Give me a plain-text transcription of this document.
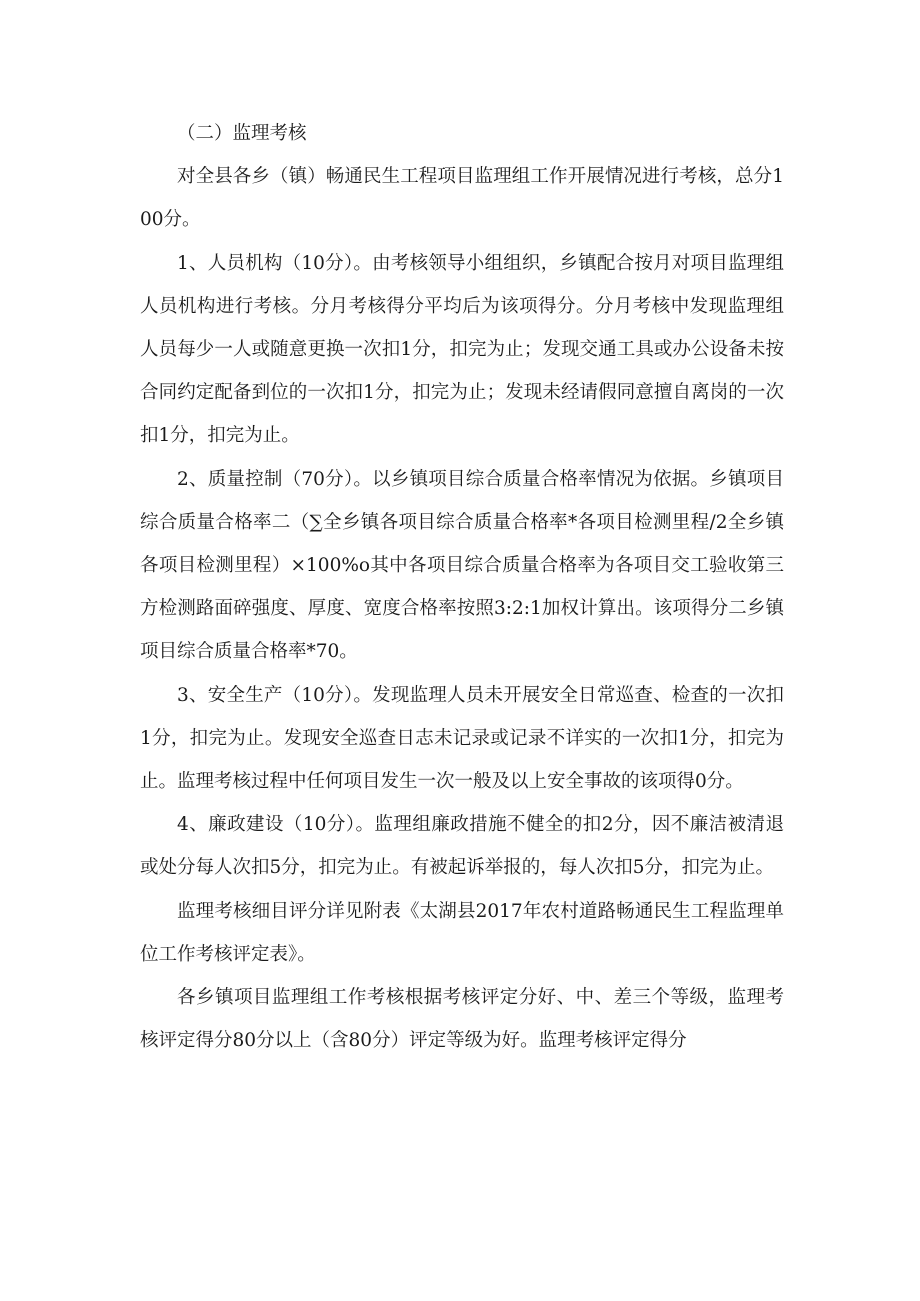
（二）监理考核

对全县各乡（镇）畅通民生工程项目监理组工作开展情况进行考核，总分100分。

1、人员机构（10分）。由考核领导小组组织，乡镇配合按月对项目监理组人员机构进行考核。分月考核得分平均后为该项得分。分月考核中发现监理组人员每少一人或随意更换一次扣1分，扣完为止；发现交通工具或办公设备未按合同约定配备到位的一次扣1分，扣完为止；发现未经请假同意擅自离岗的一次扣1分，扣完为止。

2、质量控制（70分）。以乡镇项目综合质量合格率情况为依据。乡镇项目综合质量合格率二（∑全乡镇各项目综合质量合格率*各项目检测里程/2全乡镇各项目检测里程）×100%o其中各项目综合质量合格率为各项目交工验收第三方检测路面碎强度、厚度、宽度合格率按照3:2:1加权计算出。该项得分二乡镇项目综合质量合格率*70。

3、安全生产（10分）。发现监理人员未开展安全日常巡查、检查的一次扣1分，扣完为止。发现安全巡查日志未记录或记录不详实的一次扣1分，扣完为止。监理考核过程中任何项目发生一次一般及以上安全事故的该项得0分。

4、廉政建设（10分）。监理组廉政措施不健全的扣2分，因不廉洁被清退或处分每人次扣5分，扣完为止。有被起诉举报的，每人次扣5分，扣完为止。

监理考核细目评分详见附表《太湖县2017年农村道路畅通民生工程监理单位工作考核评定表》。

各乡镇项目监理组工作考核根据考核评定分好、中、差三个等级，监理考核评定得分80分以上（含80分）评定等级为好。监理考核评定得分
